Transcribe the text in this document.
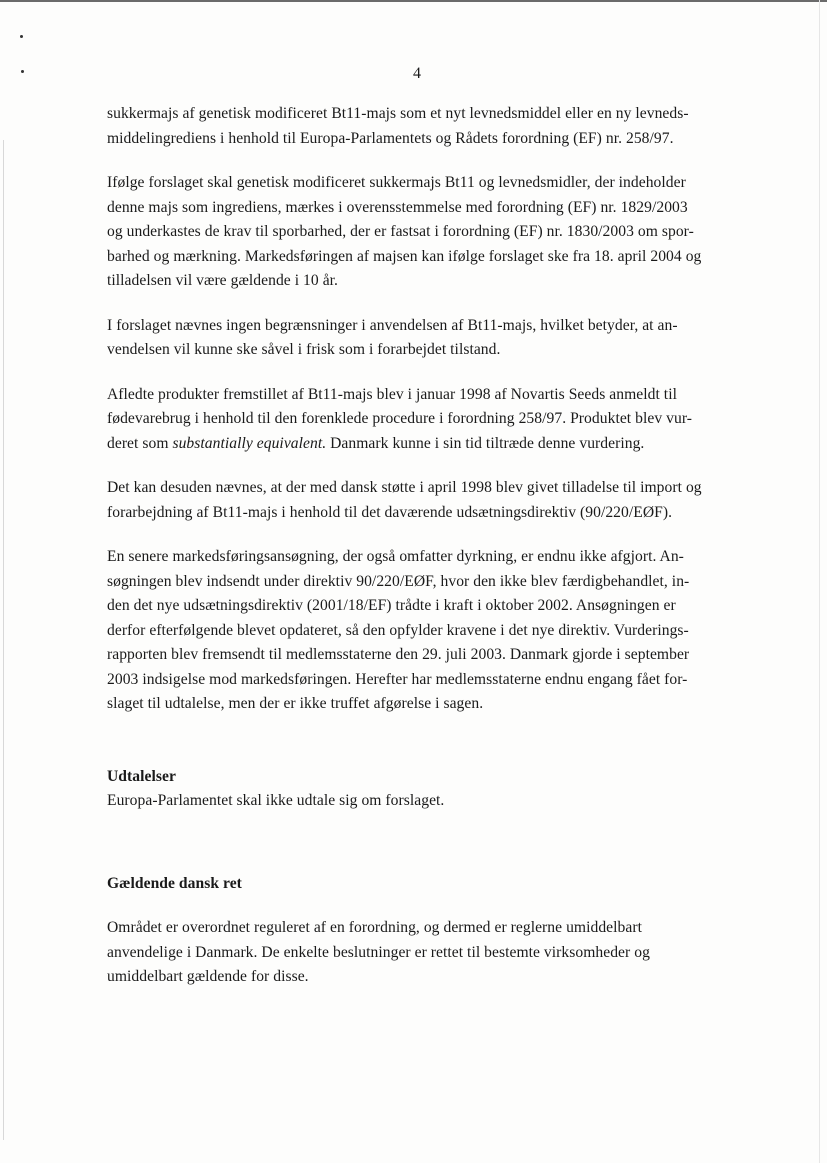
4

sukkermajs af genetisk modificeret Bt11-majs som et nyt levnedsmiddel eller en ny levneds-
middelingrediens i henhold til Europa-Parlamentets og Rådets forordning (EF) nr. 258/97.

Ifølge forslaget skal genetisk modificeret sukkermajs Bt11 og levnedsmidler, der indeholder
denne majs som ingrediens, mærkes i overensstemmelse med forordning (EF) nr. 1829/2003
og underkastes de krav til sporbarhed, der er fastsat i forordning (EF) nr. 1830/2003 om spor-
barhed og mærkning. Markedsføringen af majsen kan ifølge forslaget ske fra 18. april 2004 og
tilladelsen vil være gældende i 10 år.

I forslaget nævnes ingen begrænsninger i anvendelsen af Bt11-majs, hvilket betyder, at an-
vendelsen vil kunne ske såvel i frisk som i forarbejdet tilstand.

Afledte produkter fremstillet af Bt11-majs blev i januar 1998 af Novartis Seeds anmeldt til
fødevarebrug i henhold til den forenklede procedure i forordning 258/97. Produktet blev vur-
deret som substantially equivalent. Danmark kunne i sin tid tiltræde denne vurdering.

Det kan desuden nævnes, at der med dansk støtte i april 1998 blev givet tilladelse til import og
forarbejdning af Bt11-majs i henhold til det daværende udsætningsdirektiv (90/220/EØF).

En senere markedsføringsansøgning, der også omfatter dyrkning, er endnu ikke afgjort. An-
søgningen blev indsendt under direktiv 90/220/EØF, hvor den ikke blev færdigbehandlet, in-
den det nye udsætningsdirektiv (2001/18/EF) trådte i kraft i oktober 2002. Ansøgningen er
derfor efterfølgende blevet opdateret, så den opfylder kravene i det nye direktiv. Vurderings-
rapporten blev fremsendt til medlemsstaterne den 29. juli 2003. Danmark gjorde i september
2003 indsigelse mod markedsføringen. Herefter har medlemsstaterne endnu engang fået for-
slaget til udtalelse, men der er ikke truffet afgørelse i sagen.

Udtalelser

Europa-Parlamentet skal ikke udtale sig om forslaget.

Gældende dansk ret

Området er overordnet reguleret af en forordning, og dermed er reglerne umiddelbart
anvendelige i Danmark. De enkelte beslutninger er rettet til bestemte virksomheder og
umiddelbart gældende for disse.
